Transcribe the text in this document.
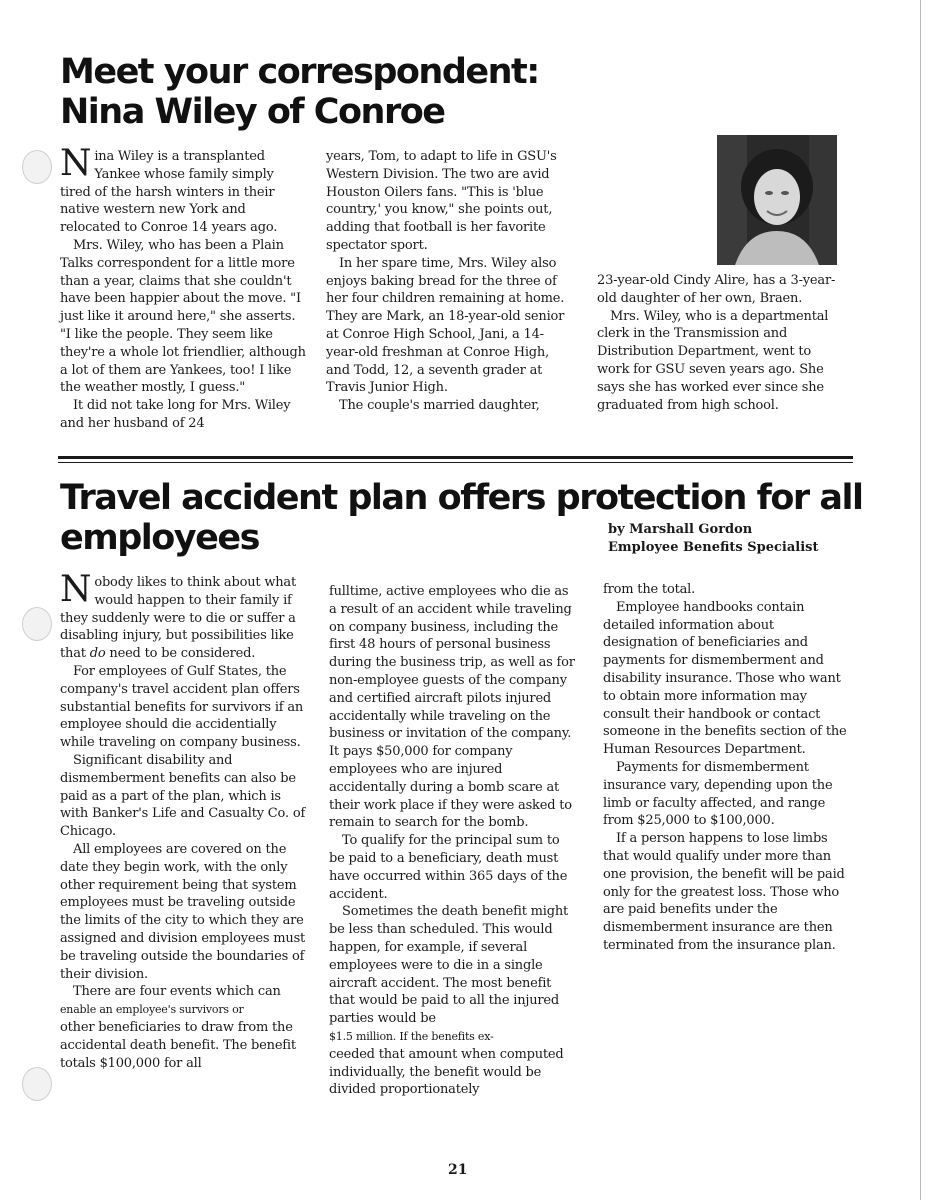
Meet your correspondent:
Nina Wiley of Conroe

Nina Wiley is a transplanted Yankee whose family simply tired of the harsh winters in their native western new York and relocated to Conroe 14 years ago.

Mrs. Wiley, who has been a Plain Talks correspondent for a little more than a year, claims that she couldn't have been happier about the move. "I just like it around here," she asserts. "I like the people. They seem like they're a whole lot friendlier, although a lot of them are Yankees, too! I like the weather mostly, I guess."

It did not take long for Mrs. Wiley and her husband of 24

years, Tom, to adapt to life in GSU's Western Division. The two are avid Houston Oilers fans. "This is 'blue country,' you know," she points out, adding that football is her favorite spectator sport.

In her spare time, Mrs. Wiley also enjoys baking bread for the three of her four children remaining at home. They are Mark, an 18-year-old senior at Conroe High School, Jani, a 14-year-old freshman at Conroe High, and Todd, 12, a seventh grader at Travis Junior High.

The couple's married daughter,

23-year-old Cindy Alire, has a 3-year-old daughter of her own, Braen.

Mrs. Wiley, who is a departmental clerk in the Transmission and Distribution Department, went to work for GSU seven years ago. She says she has worked ever since she graduated from high school.

Travel accident plan offers protection for all
employees	by Marshall Gordon
Employee Benefits Specialist

Nobody likes to think about what would happen to their family if they suddenly were to die or suffer a disabling injury, but possibilities like that do need to be considered.

For employees of Gulf States, the company's travel accident plan offers substantial benefits for survivors if an employee should die accidentially while traveling on company business.

Significant disability and dismemberment benefits can also be paid as a part of the plan, which is with Banker's Life and Casualty Co. of Chicago.

All employees are covered on the date they begin work, with the only other requirement being that system employees must be traveling outside the limits of the city to which they are assigned and division employees must be traveling outside the boundaries of their division.

There are four events which can

enable an employee's survivors or

other beneficiaries to draw from the accidental death benefit. The benefit totals $100,000 for all

fulltime, active employees who die as a result of an accident while traveling on company business, including the first 48 hours of personal business during the business trip, as well as for non-employee guests of the company and certified aircraft pilots injured accidentally while traveling on the business or invitation of the company. It pays $50,000 for company employees who are injured accidentally during a bomb scare at their work place if they were asked to remain to search for the bomb.

To qualify for the principal sum to be paid to a beneficiary, death must have occurred within 365 days of the accident.

Sometimes the death benefit might be less than scheduled. This would happen, for example, if several employees were to die in a single aircraft accident. The most benefit that would be paid to all the injured parties would be

$1.5 million. If the benefits ex-

ceeded that amount when computed individually, the benefit would be divided proportionately

from the total.

Employee handbooks contain detailed information about designation of beneficiaries and payments for dismemberment and disability insurance. Those who want to obtain more information may consult their handbook or contact someone in the benefits section of the Human Resources Department.

Payments for dismemberment insurance vary, depending upon the limb or faculty affected, and range from $25,000 to $100,000.

If a person happens to lose limbs that would qualify under more than one provision, the benefit will be paid only for the greatest loss. Those who are paid benefits under the dismemberment insurance are then terminated from the insurance plan.

21
